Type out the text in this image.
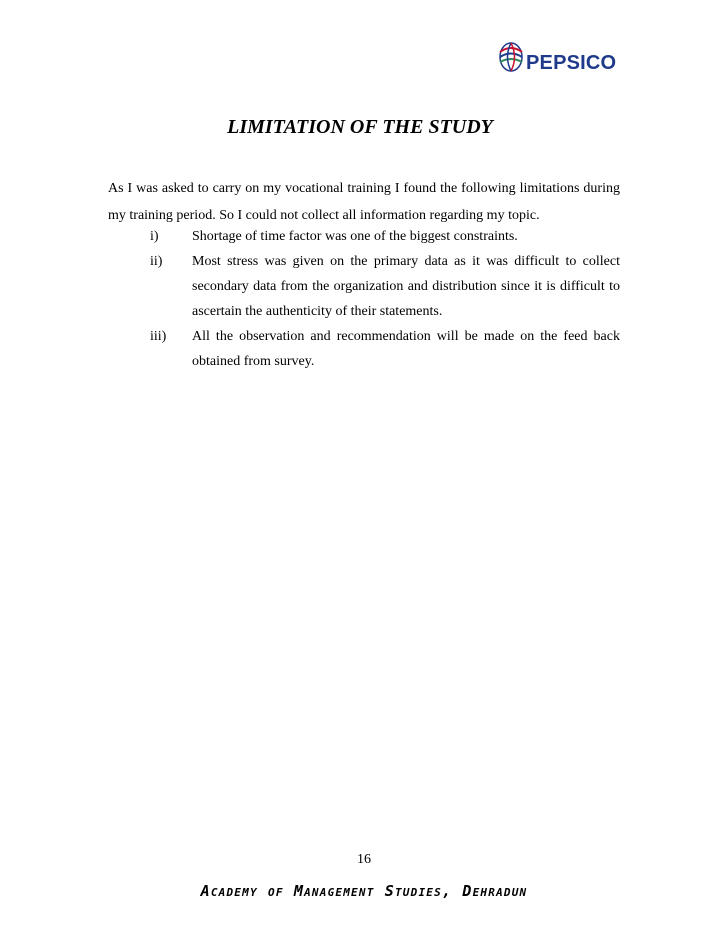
PEPSICO
LIMITATION OF THE STUDY
As I was asked to carry on my vocational training I found the following limitations during my training period. So I could not collect all information regarding my topic.
i)	Shortage of time factor was one of the biggest constraints.
ii)	Most stress was given on the primary data as it was difficult to collect secondary data from the organization and distribution since it is difficult to ascertain the authenticity of their statements.
iii)	All the observation and recommendation will be made on the feed back obtained from survey.
16
Academy of Management Studies, Dehradun
